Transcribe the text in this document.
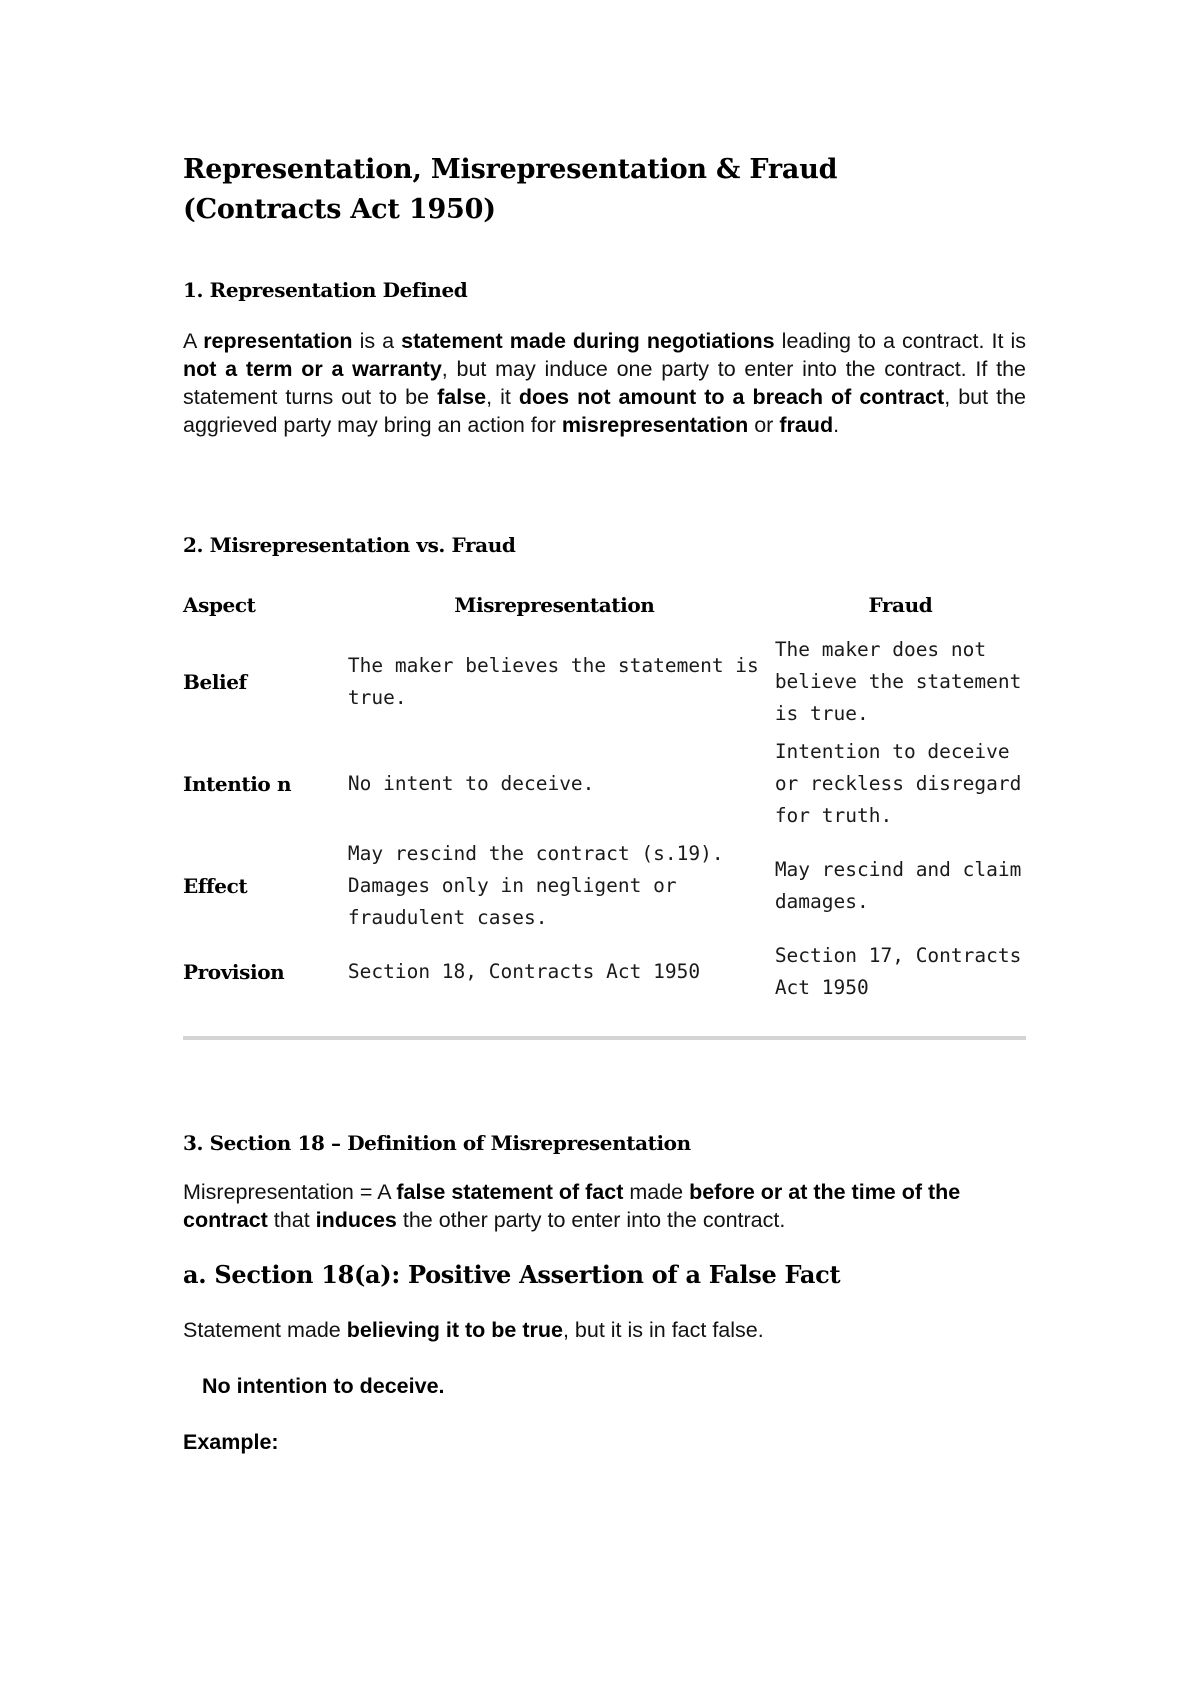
Representation, Misrepresentation & Fraud
(Contracts Act 1950)
1. Representation Defined

A representation is a statement made during negotiations leading to a contract. It is not a term or a warranty, but may induce one party to enter into the contract. If the statement turns out to be false, it does not amount to a breach of contract, but the aggrieved party may bring an action for misrepresentation or fraud.

2. Misrepresentation vs. Fraud
Aspect	Misrepresentation	Fraud
Belief	The maker believes the statement is true.	The maker does not believe the statement is true.
Intentio n	No intent to deceive.	Intention to deceive or reckless disregard for truth.
Effect	May rescind the contract (s.19). Damages only in negligent or fraudulent cases.	May rescind and claim damages.
Provision	Section 18, Contracts Act 1950	Section 17, Contracts Act 1950
3. Section 18 – Definition of Misrepresentation

Misrepresentation = A false statement of fact made before or at the time of the contract that induces the other party to enter into the contract.

a. Section 18(a): Positive Assertion of a False Fact

Statement made believing it to be true, but it is in fact false.

No intention to deceive.

Example:
